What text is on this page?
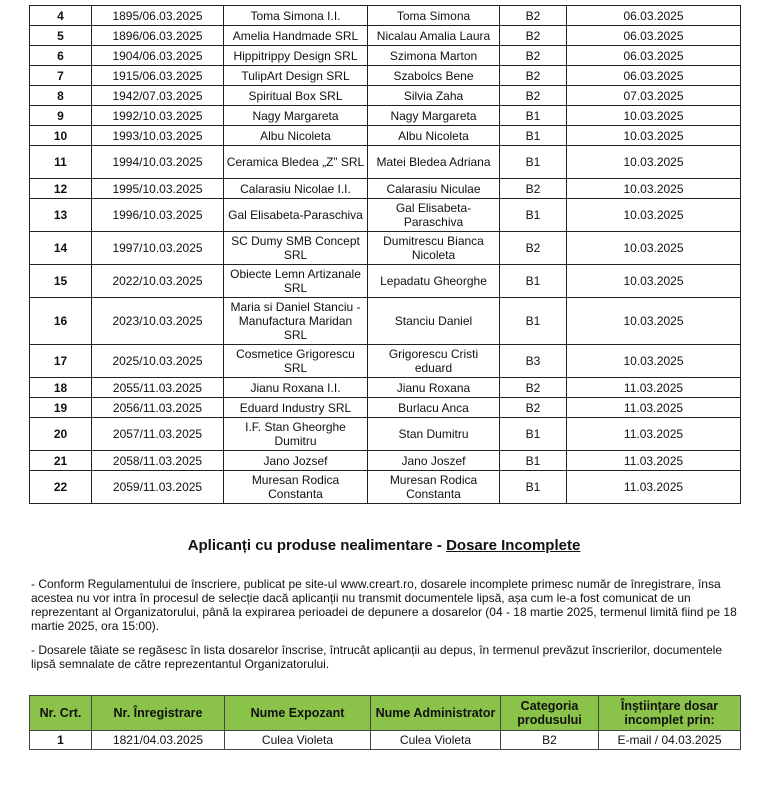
4	1895/06.03.2025	Toma Simona I.I.	Toma Simona	B2	06.03.2025
5	1896/06.03.2025	Amelia Handmade SRL	Nicalau Amalia Laura	B2	06.03.2025
6	1904/06.03.2025	Hippitrippy Design SRL	Szimona Marton	B2	06.03.2025
7	1915/06.03.2025	TulipArt Design SRL	Szabolcs Bene	B2	06.03.2025
8	1942/07.03.2025	Spiritual Box SRL	Silvia Zaha	B2	07.03.2025
9	1992/10.03.2025	Nagy Margareta	Nagy Margareta	B1	10.03.2025
10	1993/10.03.2025	Albu Nicoleta	Albu Nicoleta	B1	10.03.2025
11	1994/10.03.2025	Ceramica Bledea „Z” SRL	Matei Bledea Adriana	B1	10.03.2025
12	1995/10.03.2025	Calarasiu Nicolae I.I.	Calarasiu Niculae	B2	10.03.2025
13	1996/10.03.2025	Gal Elisabeta-Paraschiva	Gal Elisabeta-Paraschiva	B1	10.03.2025
14	1997/10.03.2025	SC Dumy SMB Concept SRL	Dumitrescu Bianca Nicoleta	B2	10.03.2025
15	2022/10.03.2025	Obiecte Lemn Artizanale SRL	Lepadatu Gheorghe	B1	10.03.2025
16	2023/10.03.2025	Maria si Daniel Stanciu - Manufactura Maridan SRL	Stanciu Daniel	B1	10.03.2025
17	2025/10.03.2025	Cosmetice Grigorescu SRL	Grigorescu Cristi eduard	B3	10.03.2025
18	2055/11.03.2025	Jianu Roxana I.I.	Jianu Roxana	B2	11.03.2025
19	2056/11.03.2025	Eduard Industry SRL	Burlacu Anca	B2	11.03.2025
20	2057/11.03.2025	I.F. Stan Gheorghe Dumitru	Stan Dumitru	B1	11.03.2025
21	2058/11.03.2025	Jano Jozsef	Jano Joszef	B1	11.03.2025
22	2059/11.03.2025	Muresan Rodica Constanta	Muresan Rodica Constanta	B1	11.03.2025
Aplicanți cu produse nealimentare - Dosare Incomplete
- Conform Regulamentului de înscriere, publicat pe site-ul www.creart.ro, dosarele incomplete primesc număr de înregistrare, însa acestea nu vor intra în procesul de selecție dacă aplicanții nu transmit documentele lipsă, așa cum le-a fost comunicat de un reprezentant al Organizatorului, până la expirarea perioadei de depunere a dosarelor (04 - 18 martie 2025, termenul limită fiind pe 18 martie 2025, ora 15:00).
- Dosarele tăiate se regăsesc în lista dosarelor înscrise, întrucât aplicanții au depus, în termenul prevăzut înscrierilor, documentele lipsă semnalate de către reprezentantul Organizatorului.
Nr. Crt.	Nr. Înregistrare	Nume Expozant	Nume Administrator	Categoria produsului	Înștiințare dosar incomplet prin:
1	1821/04.03.2025	Culea Violeta	Culea Violeta	B2	E-mail / 04.03.2025
